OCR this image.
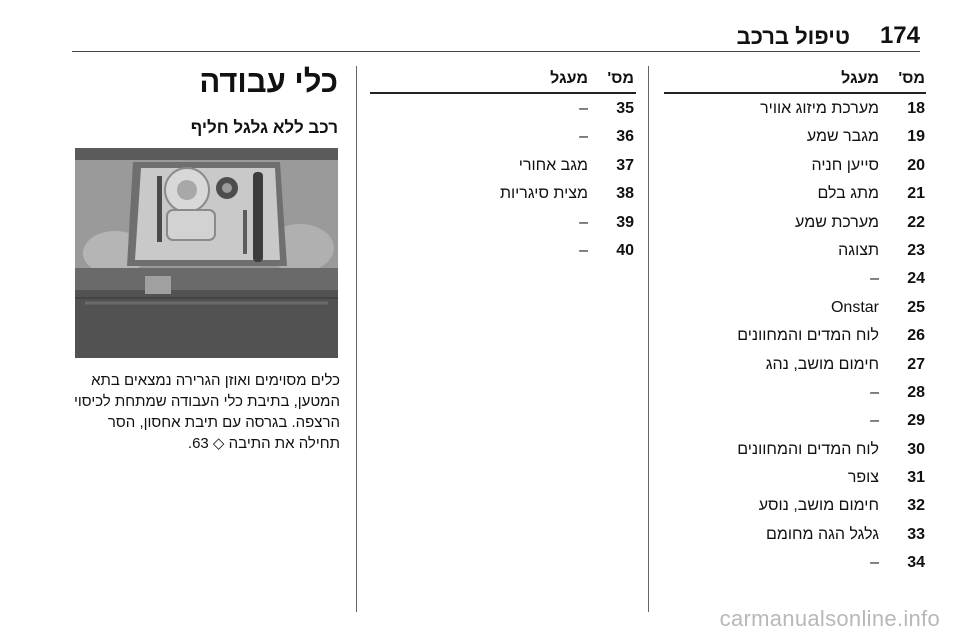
174
טיפול ברכב
מס'
מעגל
18
מערכת מיזוג אוויר
19
מגבר שמע
20
סייען חניה
21
מתג בלם
22
מערכת שמע
23
תצוגה
24
–
25
Onstar
26
לוח המדים והמחוונים
27
חימום מושב, נהג
28
–
29
–
30
לוח המדים והמחוונים
31
צופר
32
חימום מושב, נוסע
33
גלגל הגה מחומם
34
–
מס'
מעגל
35
–
36
–
37
מגב אחורי
38
מצית סיגריות
39
–
40
–
כלי עבודה
רכב ללא גלגל חליף
כלים מסוימים ואוזן הגרירה נמצאים בתא המטען, בתיבת כלי העבודה שמתחת לכיסוי הרצפה. בגרסה עם תיבת אחסון, הסר תחילה את התיבה ◇ 63.
carmanualsonline.info
